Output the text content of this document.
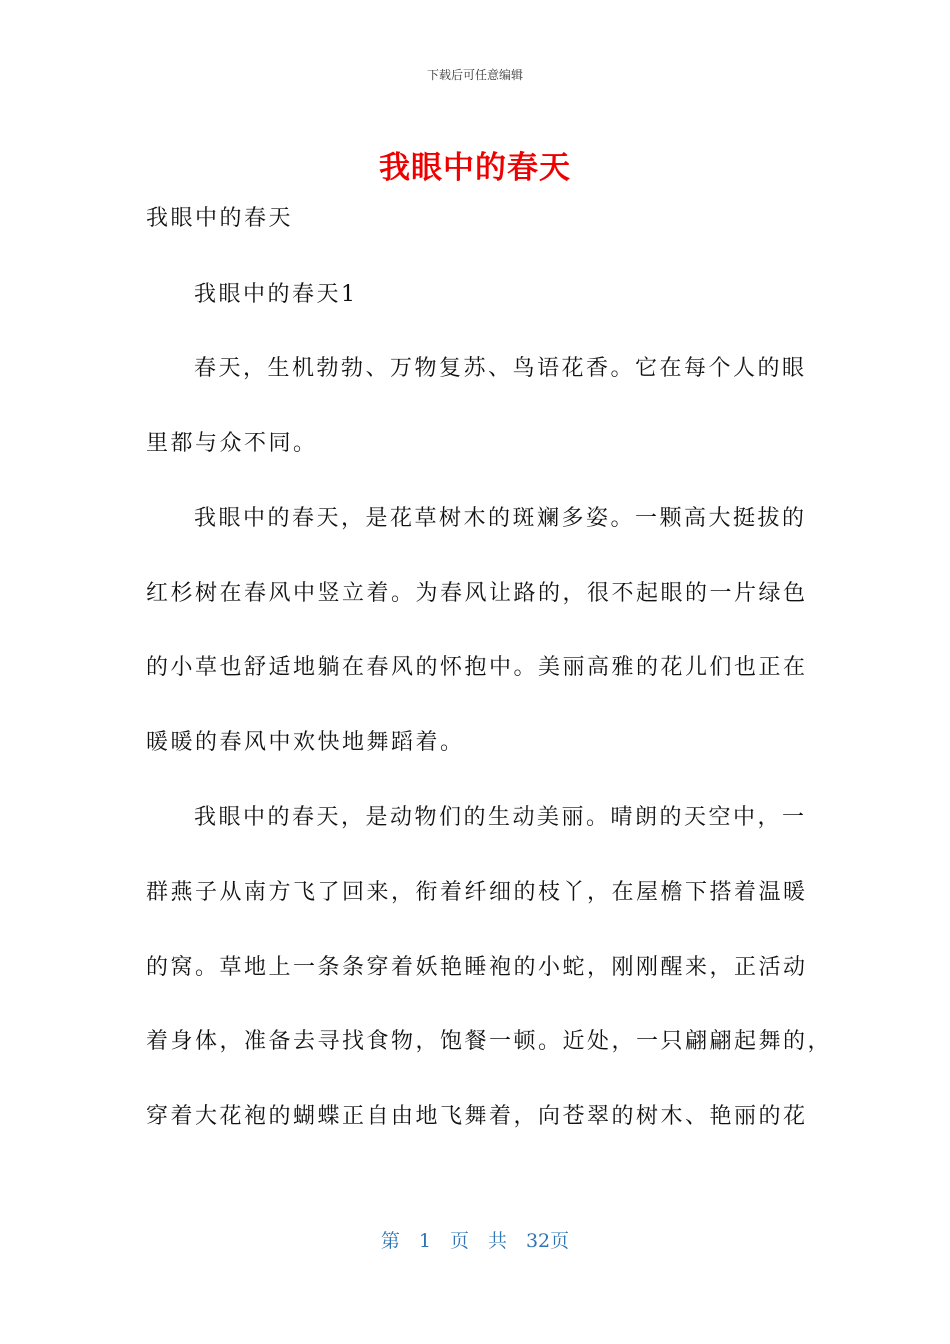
下载后可任意编辑
我眼中的春天
我眼中的春天
我眼中的春天1
春天，生机勃勃、万物复苏、鸟语花香。它在每个人的眼
里都与众不同。
我眼中的春天，是花草树木的斑斓多姿。一颗高大挺拔的
红杉树在春风中竖立着。为春风让路的，很不起眼的一片绿色
的小草也舒适地躺在春风的怀抱中。美丽高雅的花儿们也正在
暖暖的春风中欢快地舞蹈着。
我眼中的春天，是动物们的生动美丽。晴朗的天空中，一
群燕子从南方飞了回来，衔着纤细的枝丫，在屋檐下搭着温暖
的窝。草地上一条条穿着妖艳睡袍的小蛇，刚刚醒来，正活动
着身体，准备去寻找食物，饱餐一顿。近处，一只翩翩起舞的，
穿着大花袍的蝴蝶正自由地飞舞着，向苍翠的树木、艳丽的花
第　1　页　共　32页
